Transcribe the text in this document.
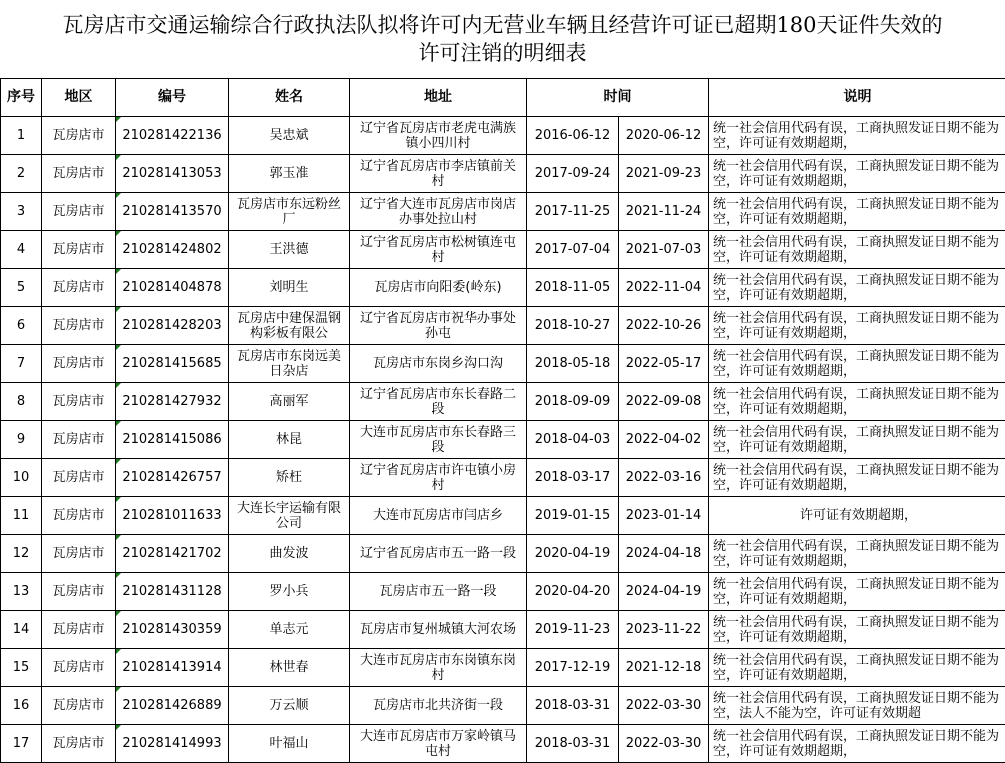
瓦房店市交通运输综合行政执法队拟将许可内无营业车辆且经营许可证已超期180天证件失效的
许可注销的明细表
序号	地区	编号	姓名	地址	时间		说明
1	瓦房店市	210281422136	吴忠斌	辽宁省瓦房店市老虎屯满族镇小四川村	2016-06-12	2020-06-12	统一社会信用代码有误，工商执照发证日期不能为空，许可证有效期超期，
2	瓦房店市	210281413053	郭玉准	辽宁省瓦房店市李店镇前关村	2017-09-24	2021-09-23	统一社会信用代码有误，工商执照发证日期不能为空，许可证有效期超期，
3	瓦房店市	210281413570	瓦房店市东远粉丝厂	辽宁省大连市瓦房店市岗店办事处拉山村	2017-11-25	2021-11-24	统一社会信用代码有误，工商执照发证日期不能为空，许可证有效期超期，
4	瓦房店市	210281424802	王洪德	辽宁省瓦房店市松树镇连屯村	2017-07-04	2021-07-03	统一社会信用代码有误，工商执照发证日期不能为空，许可证有效期超期，
5	瓦房店市	210281404878	刘明生	瓦房店市向阳委(岭东)	2018-11-05	2022-11-04	统一社会信用代码有误，工商执照发证日期不能为空，许可证有效期超期，
6	瓦房店市	210281428203	瓦房店中建保温钢构彩板有限公	辽宁省瓦房店市祝华办事处孙屯	2018-10-27	2022-10-26	统一社会信用代码有误，工商执照发证日期不能为空，许可证有效期超期，
7	瓦房店市	210281415685	瓦房店市东岗远美日杂店	瓦房店市东岗乡沟口沟	2018-05-18	2022-05-17	统一社会信用代码有误，工商执照发证日期不能为空，许可证有效期超期，
8	瓦房店市	210281427932	高丽军	辽宁省瓦房店市东长春路二段	2018-09-09	2022-09-08	统一社会信用代码有误，工商执照发证日期不能为空，许可证有效期超期，
9	瓦房店市	210281415086	林昆	大连市瓦房店市东长春路三段	2018-04-03	2022-04-02	统一社会信用代码有误，工商执照发证日期不能为空，许可证有效期超期，
10	瓦房店市	210281426757	矫枉	辽宁省瓦房店市许屯镇小房村	2018-03-17	2022-03-16	统一社会信用代码有误，工商执照发证日期不能为空，许可证有效期超期，
11	瓦房店市	210281011633	大连长宇运输有限公司	大连市瓦房店市闫店乡	2019-01-15	2023-01-14	许可证有效期超期，
12	瓦房店市	210281421702	曲发波	辽宁省瓦房店市五一路一段	2020-04-19	2024-04-18	统一社会信用代码有误，工商执照发证日期不能为空，许可证有效期超期，
13	瓦房店市	210281431128	罗小兵	瓦房店市五一路一段	2020-04-20	2024-04-19	统一社会信用代码有误，工商执照发证日期不能为空，许可证有效期超期，
14	瓦房店市	210281430359	单志元	瓦房店市复州城镇大河农场	2019-11-23	2023-11-22	统一社会信用代码有误，工商执照发证日期不能为空，许可证有效期超期，
15	瓦房店市	210281413914	林世春	大连市瓦房店市东岗镇东岗村	2017-12-19	2021-12-18	统一社会信用代码有误，工商执照发证日期不能为空，许可证有效期超期，
16	瓦房店市	210281426889	万云顺	瓦房店市北共济街一段	2018-03-31	2022-03-30	统一社会信用代码有误，工商执照发证日期不能为空，法人不能为空，许可证有效期超
17	瓦房店市	210281414993	叶福山	大连市瓦房店市万家岭镇马屯村	2018-03-31	2022-03-30	统一社会信用代码有误，工商执照发证日期不能为空，许可证有效期超期，
